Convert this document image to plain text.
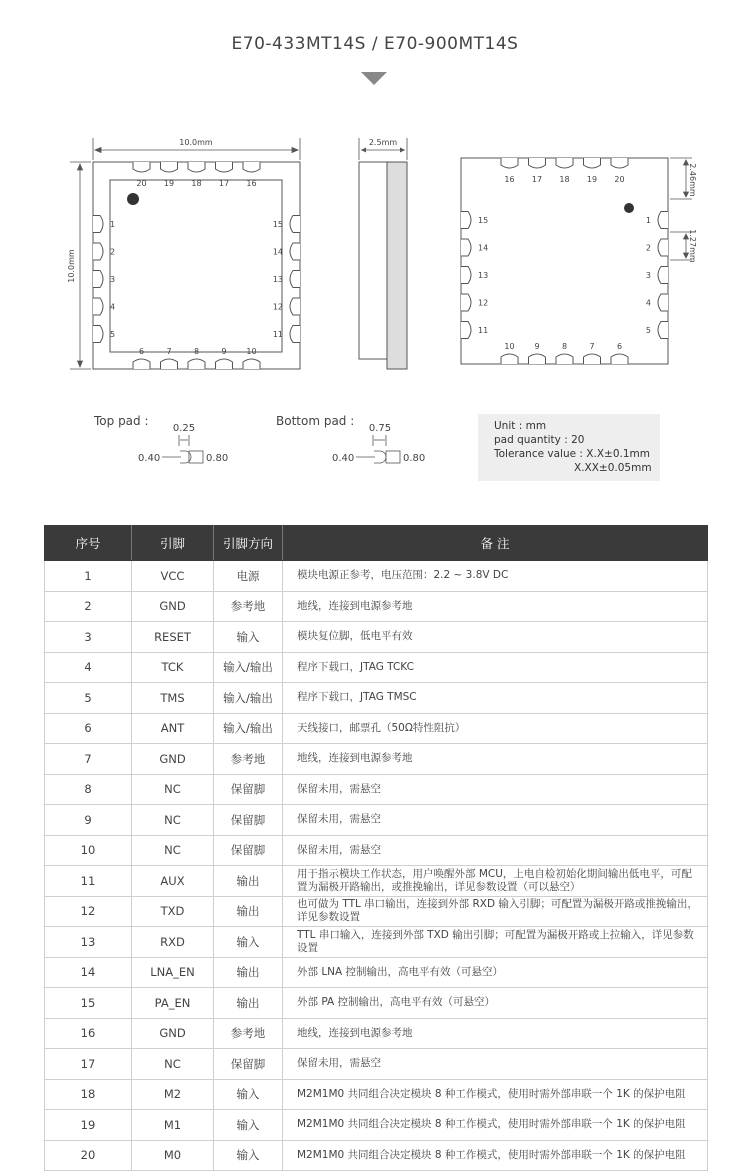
E70-433MT14S / E70-900MT14S
20
6
1	15
19
7
2	14
18
8
3	13
17
9
4	12
16
10
5	11
10.0mm
10.0mm
2.5mm
16
10
15	1
17
9
14	2
18
8
13	3
19
7
12	4
20
6
11	5
2.46mm
1.27mm
Top pad :
0.25
0.40	0.80
Bottom pad :
0.75
0.40	0.80
Unit : mm
pad quantity : 20
Tolerance value : X.X±0.1mm
X.XX±0.05mm
序号	引脚	引脚方向	备 注
1	VCC	电源	模块电源正参考，电压范围：2.2 ~ 3.8V DC
2	GND	参考地	地线，连接到电源参考地
3	RESET	输入	模块复位脚，低电平有效
4	TCK	输入/输出	程序下载口，JTAG TCKC
5	TMS	输入/输出	程序下载口，JTAG TMSC
6	ANT	输入/输出	天线接口，邮票孔（50Ω特性阻抗）
7	GND	参考地	地线，连接到电源参考地
8	NC	保留脚	保留未用，需悬空
9	NC	保留脚	保留未用，需悬空
10	NC	保留脚	保留未用，需悬空
11	AUX	输出	用于指示模块工作状态，用户唤醒外部 MCU，上电自检初始化期间输出低电平，可配置为漏极开路输出，或推挽输出，详见参数设置（可以悬空）
12	TXD	输出	也可做为 TTL 串口输出，连接到外部 RXD 输入引脚；可配置为漏极开路或推挽输出，详见参数设置
13	RXD	输入	TTL 串口输入，连接到外部 TXD 输出引脚；可配置为漏极开路或上拉输入，详见参数设置
14	LNA_EN	输出	外部 LNA 控制输出，高电平有效（可悬空）
15	PA_EN	输出	外部 PA 控制输出，高电平有效（可悬空）
16	GND	参考地	地线，连接到电源参考地
17	NC	保留脚	保留未用，需悬空
18	M2	输入	M2M1M0 共同组合决定模块 8 种工作模式，使用时需外部串联一个 1K 的保护电阻
19	M1	输入	M2M1M0 共同组合决定模块 8 种工作模式，使用时需外部串联一个 1K 的保护电阻
20	M0	输入	M2M1M0 共同组合决定模块 8 种工作模式，使用时需外部串联一个 1K 的保护电阻
